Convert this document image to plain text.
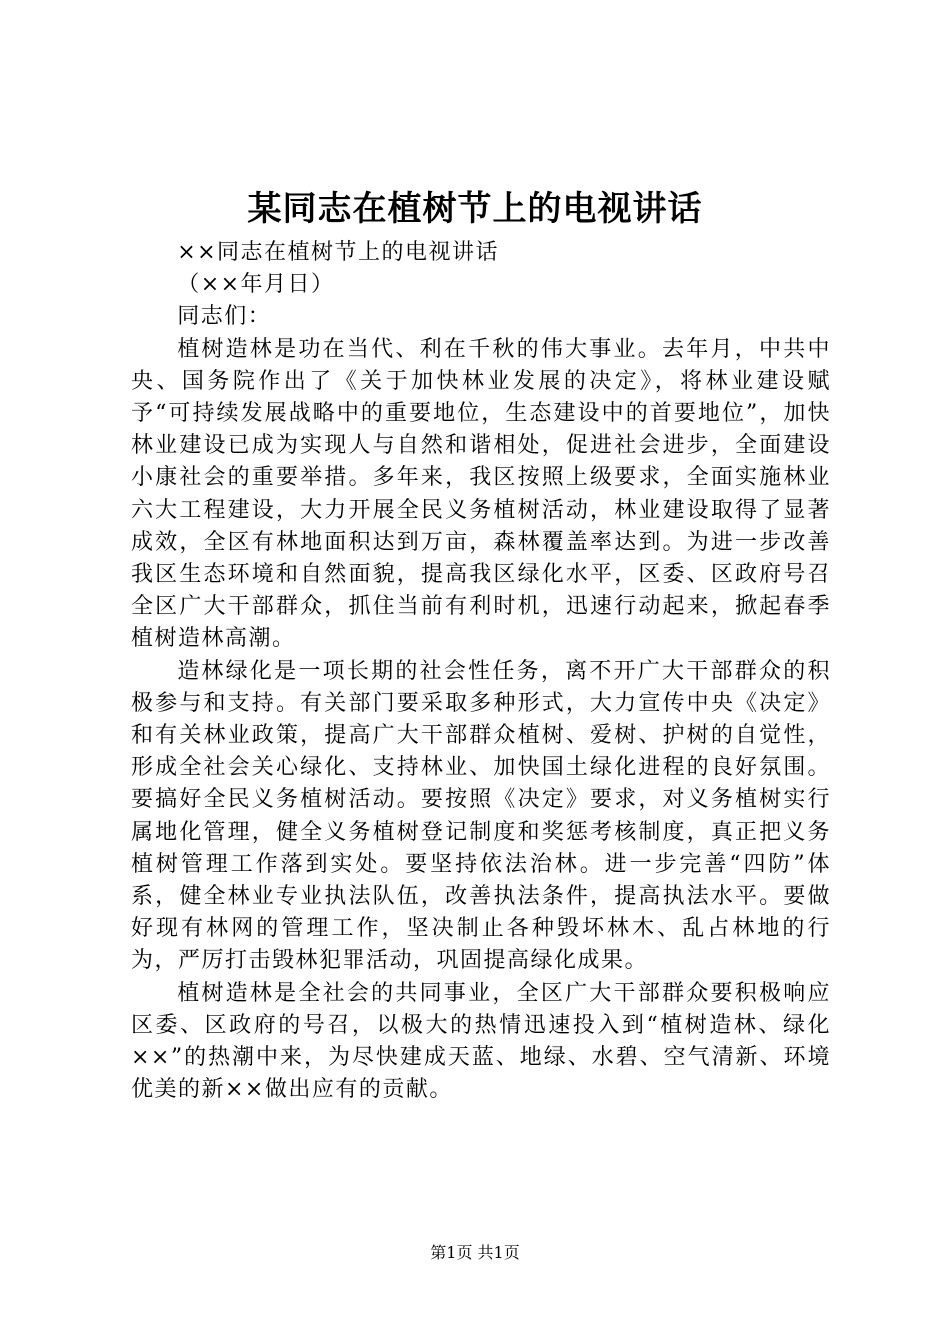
某同志在植树节上的电视讲话

××同志在植树节上的电视讲话

（××年月日）

同志们：

植树造林是功在当代、利在千秋的伟大事业。去年月，中共中央、国务院作出了《关于加快林业发展的决定》，将林业建设赋予“可持续发展战略中的重要地位，生态建设中的首要地位”，加快林业建设已成为实现人与自然和谐相处，促进社会进步，全面建设小康社会的重要举措。多年来，我区按照上级要求，全面实施林业六大工程建设，大力开展全民义务植树活动，林业建设取得了显著成效，全区有林地面积达到万亩，森林覆盖率达到。为进一步改善我区生态环境和自然面貌，提高我区绿化水平，区委、区政府号召全区广大干部群众，抓住当前有利时机，迅速行动起来，掀起春季植树造林高潮。

造林绿化是一项长期的社会性任务，离不开广大干部群众的积极参与和支持。有关部门要采取多种形式，大力宣传中央《决定》和有关林业政策，提高广大干部群众植树、爱树、护树的自觉性，形成全社会关心绿化、支持林业、加快国土绿化进程的良好氛围。要搞好全民义务植树活动。要按照《决定》要求，对义务植树实行属地化管理，健全义务植树登记制度和奖惩考核制度，真正把义务植树管理工作落到实处。要坚持依法治林。进一步完善“四防”体系，健全林业专业执法队伍，改善执法条件，提高执法水平。要做好现有林网的管理工作，坚决制止各种毁坏林木、乱占林地的行为，严厉打击毁林犯罪活动，巩固提高绿化成果。

植树造林是全社会的共同事业，全区广大干部群众要积极响应区委、区政府的号召，以极大的热情迅速投入到“植树造林、绿化××”的热潮中来，为尽快建成天蓝、地绿、水碧、空气清新、环境优美的新××做出应有的贡献。

第1页 共1页
